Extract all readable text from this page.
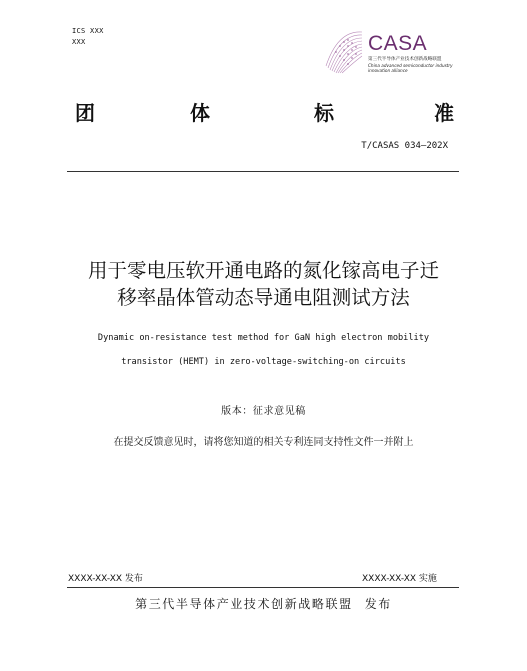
ICS XXX
XXX	CASA
第三代半导体产业技术创新战略联盟
China advanced semiconductor industry
innovation alliance
团	体	标	准
T/CASAS 034—202X
用于零电压软开通电路的氮化镓高电子迁
移率晶体管动态导通电阻测试方法
Dynamic on-resistance test method for GaN high electron mobility
transistor (HEMT) in zero-voltage-switching-on circuits
版本：征求意见稿
在提交反馈意见时，请将您知道的相关专利连同支持性文件一并附上
XXXX-XX-XX 发布	XXXX-XX-XX 实施
第三代半导体产业技术创新战略联盟 发布
